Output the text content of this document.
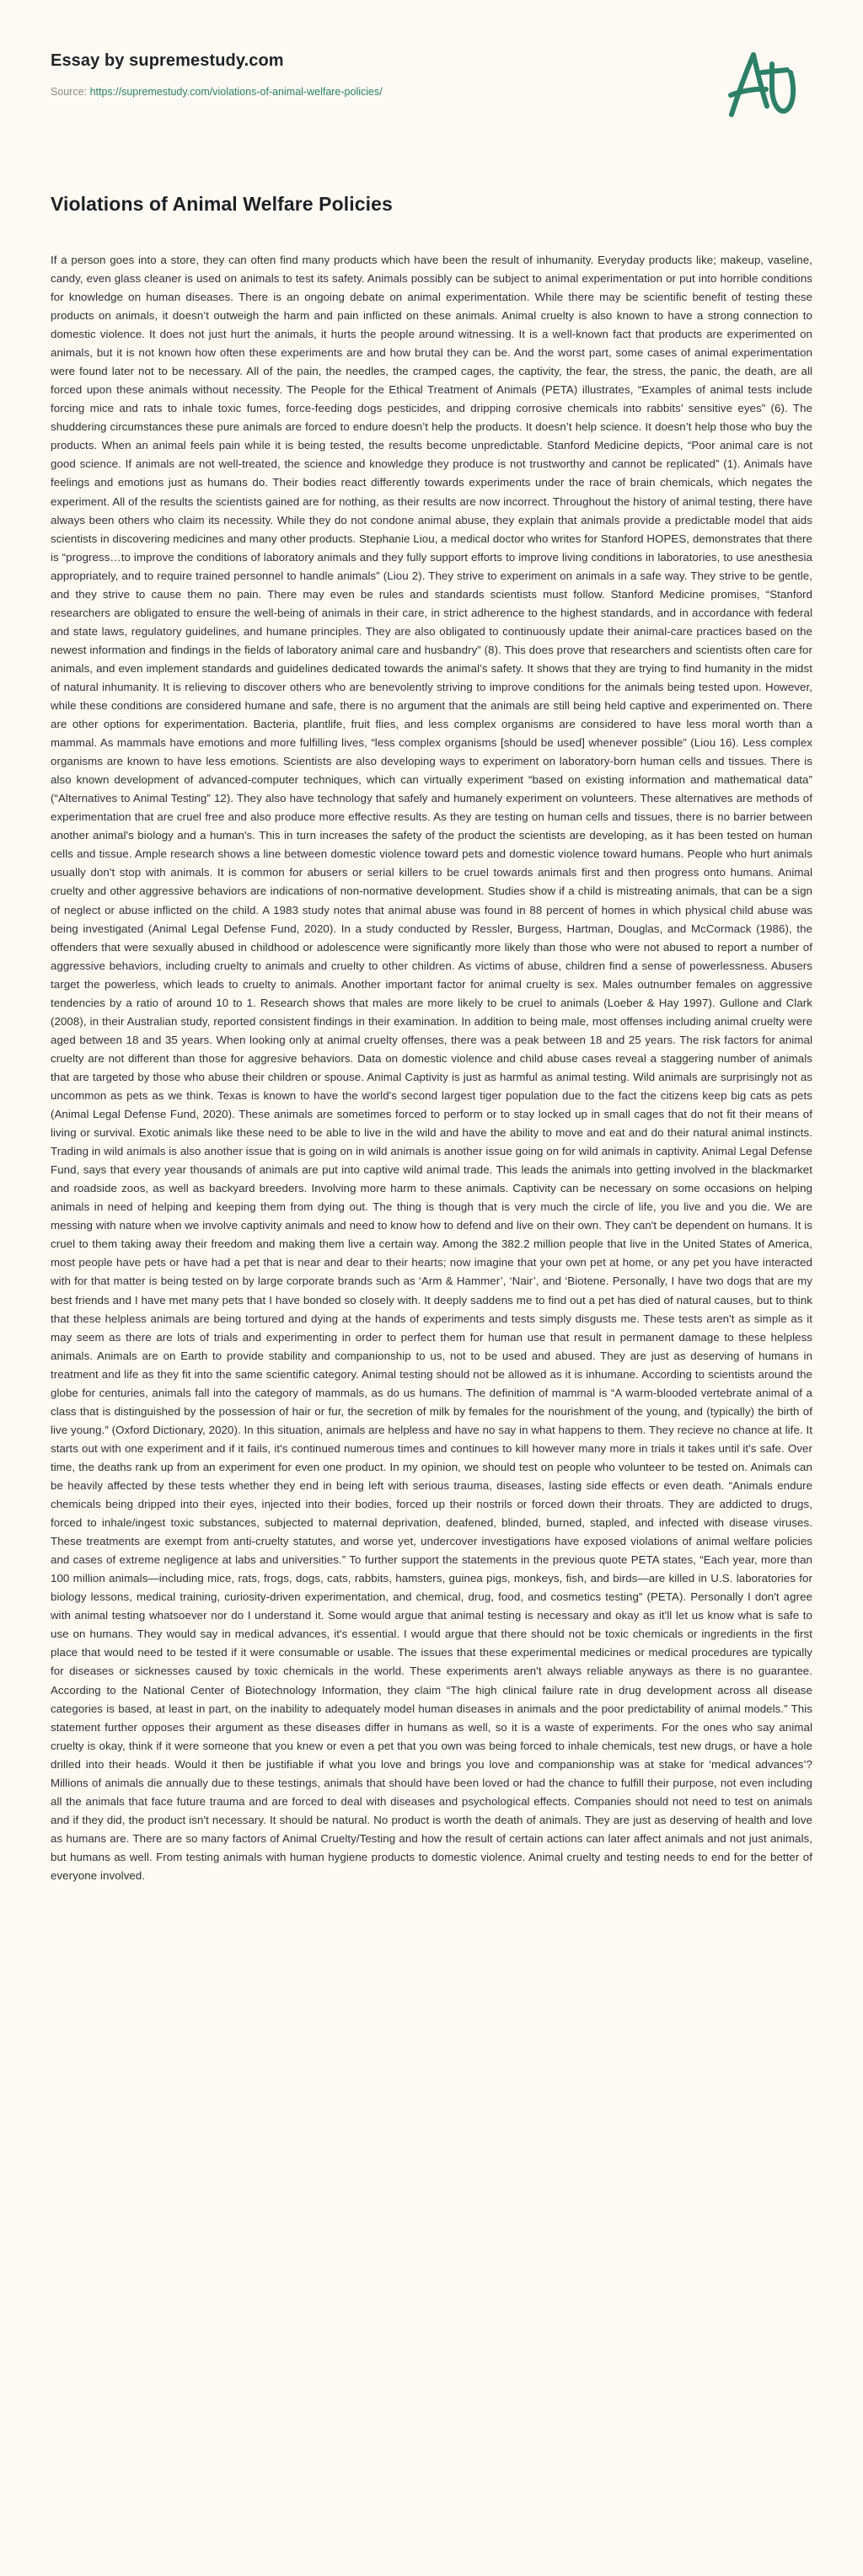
Essay by supremestudy.com
Source: https://supremestudy.com/violations-of-animal-welfare-policies/
Violations of Animal Welfare Policies

If a person goes into a store, they can often find many products which have been the result of inhumanity. Everyday products like; makeup, vaseline, candy, even glass cleaner is used on animals to test its safety. Animals possibly can be subject to animal experimentation or put into horrible conditions for knowledge on human diseases. There is an ongoing debate on animal experimentation. While there may be scientific benefit of testing these products on animals, it doesn’t outweigh the harm and pain inflicted on these animals. Animal cruelty is also known to have a strong connection to domestic violence. It does not just hurt the animals, it hurts the people around witnessing. It is a well-known fact that products are experimented on animals, but it is not known how often these experiments are and how brutal they can be. And the worst part, some cases of animal experimentation were found later not to be necessary. All of the pain, the needles, the cramped cages, the captivity, the fear, the stress, the panic, the death, are all forced upon these animals without necessity. The People for the Ethical Treatment of Animals (PETA) illustrates, “Examples of animal tests include forcing mice and rats to inhale toxic fumes, force-feeding dogs pesticides, and dripping corrosive chemicals into rabbits’ sensitive eyes” (6). The shuddering circumstances these pure animals are forced to endure doesn’t help the products. It doesn’t help science. It doesn’t help those who buy the products. When an animal feels pain while it is being tested, the results become unpredictable. Stanford Medicine depicts, “Poor animal care is not good science. If animals are not well-treated, the science and knowledge they produce is not trustworthy and cannot be replicated” (1). Animals have feelings and emotions just as humans do. Their bodies react differently towards experiments under the race of brain chemicals, which negates the experiment. All of the results the scientists gained are for nothing, as their results are now incorrect. Throughout the history of animal testing, there have always been others who claim its necessity. While they do not condone animal abuse, they explain that animals provide a predictable model that aids scientists in discovering medicines and many other products. Stephanie Liou, a medical doctor who writes for Stanford HOPES, demonstrates that there is “progress…to improve the conditions of laboratory animals and they fully support efforts to improve living conditions in laboratories, to use anesthesia appropriately, and to require trained personnel to handle animals” (Liou 2). They strive to experiment on animals in a safe way. They strive to be gentle, and they strive to cause them no pain. There may even be rules and standards scientists must follow. Stanford Medicine promises, “Stanford researchers are obligated to ensure the well-being of animals in their care, in strict adherence to the highest standards, and in accordance with federal and state laws, regulatory guidelines, and humane principles. They are also obligated to continuously update their animal-care practices based on the newest information and findings in the fields of laboratory animal care and husbandry” (8). This does prove that researchers and scientists often care for animals, and even implement standards and guidelines dedicated towards the animal’s safety. It shows that they are trying to find humanity in the midst of natural inhumanity. It is relieving to discover others who are benevolently striving to improve conditions for the animals being tested upon. However, while these conditions are considered humane and safe, there is no argument that the animals are still being held captive and experimented on. There are other options for experimentation. Bacteria, plantlife, fruit flies, and less complex organisms are considered to have less moral worth than a mammal. As mammals have emotions and more fulfilling lives, “less complex organisms [should be used] whenever possible” (Liou 16). Less complex organisms are known to have less emotions. Scientists are also developing ways to experiment on laboratory-born human cells and tissues. There is also known development of advanced-computer techniques, which can virtually experiment “based on existing information and mathematical data” (“Alternatives to Animal Testing” 12). They also have technology that safely and humanely experiment on volunteers. These alternatives are methods of experimentation that are cruel free and also produce more effective results. As they are testing on human cells and tissues, there is no barrier between another animal's biology and a human's. This in turn increases the safety of the product the scientists are developing, as it has been tested on human cells and tissue. Ample research shows a line between domestic violence toward pets and domestic violence toward humans. People who hurt animals usually don't stop with animals. It is common for abusers or serial killers to be cruel towards animals first and then progress onto humans. Animal cruelty and other aggressive behaviors are indications of non-normative development. Studies show if a child is mistreating animals, that can be a sign of neglect or abuse inflicted on the child. A 1983 study notes that animal abuse was found in 88 percent of homes in which physical child abuse was being investigated (Animal Legal Defense Fund, 2020). In a study conducted by Ressler, Burgess, Hartman, Douglas, and McCormack (1986), the offenders that were sexually abused in childhood or adolescence were significantly more likely than those who were not abused to report a number of aggressive behaviors, including cruelty to animals and cruelty to other children. As victims of abuse, children find a sense of powerlessness. Abusers target the powerless, which leads to cruelty to animals. Another important factor for animal cruelty is sex. Males outnumber females on aggressive tendencies by a ratio of around 10 to 1. Research shows that males are more likely to be cruel to animals (Loeber & Hay 1997). Gullone and Clark (2008), in their Australian study, reported consistent findings in their examination. In addition to being male, most offenses including animal cruelty were aged between 18 and 35 years. When looking only at animal cruelty offenses, there was a peak between 18 and 25 years. The risk factors for animal cruelty are not different than those for aggresive behaviors. Data on domestic violence and child abuse cases reveal a staggering number of animals that are targeted by those who abuse their children or spouse. Animal Captivity is just as harmful as animal testing. Wild animals are surprisingly not as uncommon as pets as we think. Texas is known to have the world's second largest tiger population due to the fact the citizens keep big cats as pets (Animal Legal Defense Fund, 2020). These animals are sometimes forced to perform or to stay locked up in small cages that do not fit their means of living or survival. Exotic animals like these need to be able to live in the wild and have the ability to move and eat and do their natural animal instincts. Trading in wild animals is also another issue that is going on in wild animals is another issue going on for wild animals in captivity. Animal Legal Defense Fund, says that every year thousands of animals are put into captive wild animal trade. This leads the animals into getting involved in the blackmarket and roadside zoos, as well as backyard breeders. Involving more harm to these animals. Captivity can be necessary on some occasions on helping animals in need of helping and keeping them from dying out. The thing is though that is very much the circle of life, you live and you die. We are messing with nature when we involve captivity animals and need to know how to defend and live on their own. They can't be dependent on humans. It is cruel to them taking away their freedom and making them live a certain way. Among the 382.2 million people that live in the United States of America, most people have pets or have had a pet that is near and dear to their hearts; now imagine that your own pet at home, or any pet you have interacted with for that matter is being tested on by large corporate brands such as ‘Arm & Hammer’, ‘Nair’, and ‘Biotene. Personally, I have two dogs that are my best friends and I have met many pets that I have bonded so closely with. It deeply saddens me to find out a pet has died of natural causes, but to think that these helpless animals are being tortured and dying at the hands of experiments and tests simply disgusts me. These tests aren't as simple as it may seem as there are lots of trials and experimenting in order to perfect them for human use that result in permanent damage to these helpless animals. Animals are on Earth to provide stability and companionship to us, not to be used and abused. They are just as deserving of humans in treatment and life as they fit into the same scientific category. Animal testing should not be allowed as it is inhumane. According to scientists around the globe for centuries, animals fall into the category of mammals, as do us humans. The definition of mammal is “A warm-blooded vertebrate animal of a class that is distinguished by the possession of hair or fur, the secretion of milk by females for the nourishment of the young, and (typically) the birth of live young.” (Oxford Dictionary, 2020). In this situation, animals are helpless and have no say in what happens to them. They recieve no chance at life. It starts out with one experiment and if it fails, it's continued numerous times and continues to kill however many more in trials it takes until it's safe. Over time, the deaths rank up from an experiment for even one product. In my opinion, we should test on people who volunteer to be tested on. Animals can be heavily affected by these tests whether they end in being left with serious trauma, diseases, lasting side effects or even death. “Animals endure chemicals being dripped into their eyes, injected into their bodies, forced up their nostrils or forced down their throats. They are addicted to drugs, forced to inhale/ingest toxic substances, subjected to maternal deprivation, deafened, blinded, burned, stapled, and infected with disease viruses. These treatments are exempt from anti-cruelty statutes, and worse yet, undercover investigations have exposed violations of animal welfare policies and cases of extreme negligence at labs and universities.” To further support the statements in the previous quote PETA states, “Each year, more than 100 million animals—including mice, rats, frogs, dogs, cats, rabbits, hamsters, guinea pigs, monkeys, fish, and birds—are killed in U.S. laboratories for biology lessons, medical training, curiosity-driven experimentation, and chemical, drug, food, and cosmetics testing” (PETA). Personally I don't agree with animal testing whatsoever nor do I understand it. Some would argue that animal testing is necessary and okay as it'll let us know what is safe to use on humans. They would say in medical advances, it's essential. I would argue that there should not be toxic chemicals or ingredients in the first place that would need to be tested if it were consumable or usable. The issues that these experimental medicines or medical procedures are typically for diseases or sicknesses caused by toxic chemicals in the world. These experiments aren't always reliable anyways as there is no guarantee. According to the National Center of Biotechnology Information, they claim “The high clinical failure rate in drug development across all disease categories is based, at least in part, on the inability to adequately model human diseases in animals and the poor predictability of animal models.” This statement further opposes their argument as these diseases differ in humans as well, so it is a waste of experiments. For the ones who say animal cruelty is okay, think if it were someone that you knew or even a pet that you own was being forced to inhale chemicals, test new drugs, or have a hole drilled into their heads. Would it then be justifiable if what you love and brings you love and companionship was at stake for ‘medical advances’? Millions of animals die annually due to these testings, animals that should have been loved or had the chance to fulfill their purpose, not even including all the animals that face future trauma and are forced to deal with diseases and psychological effects. Companies should not need to test on animals and if they did, the product isn't necessary. It should be natural. No product is worth the death of animals. They are just as deserving of health and love as humans are. There are so many factors of Animal Cruelty/Testing and how the result of certain actions can later affect animals and not just animals, but humans as well. From testing animals with human hygiene products to domestic violence. Animal cruelty and testing needs to end for the better of everyone involved.
